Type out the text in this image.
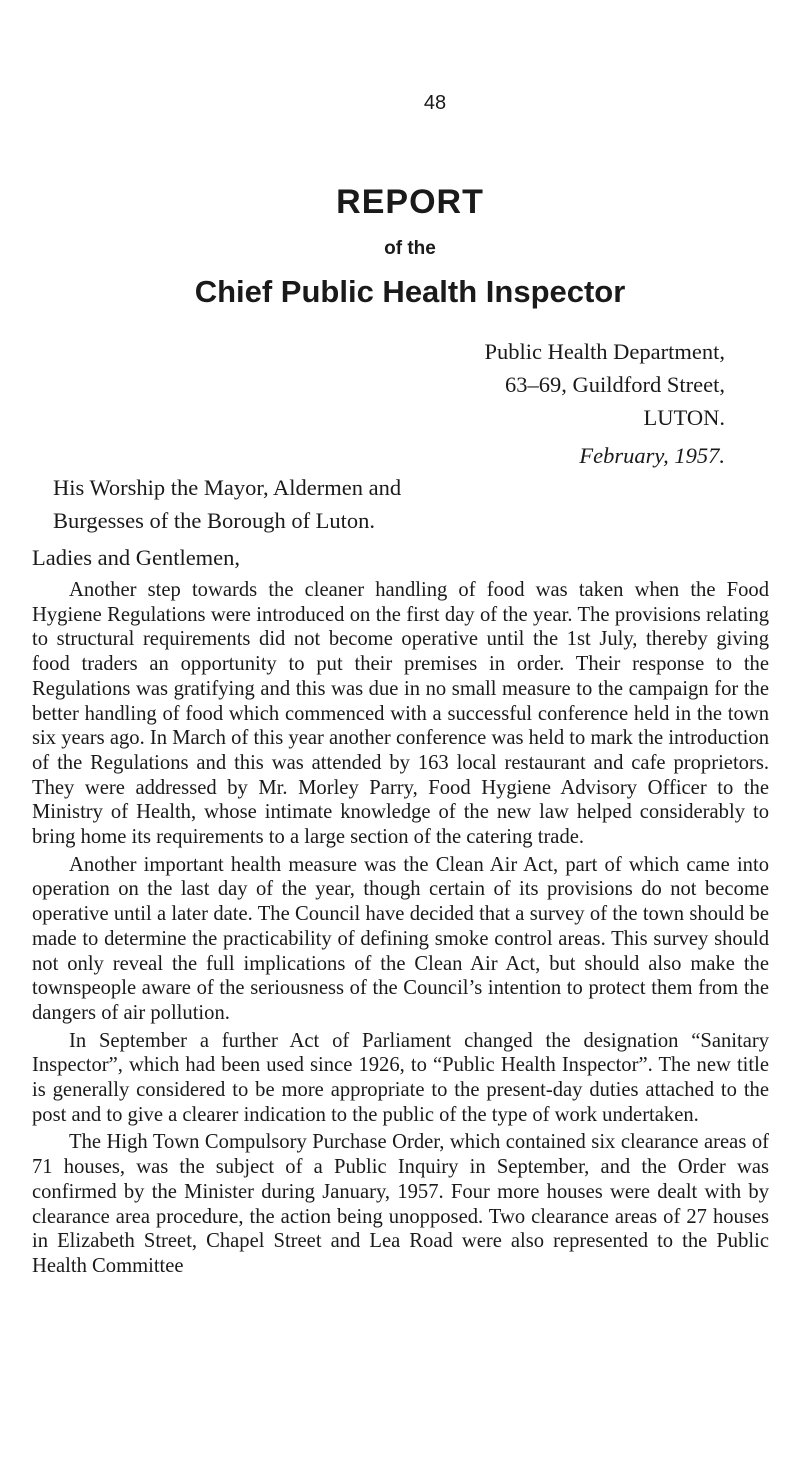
48
REPORT
of the
Chief Public Health Inspector
Public Health Department,
63–69, Guildford Street,
LUTON.
February, 1957.
His Worship the Mayor, Aldermen and
Burgesses of the Borough of Luton.
Ladies and Gentlemen,

Another step towards the cleaner handling of food was taken when the Food Hygiene Regulations were introduced on the first day of the year. The provisions relating to structural requirements did not become operative until the 1st July, thereby giving food traders an opportunity to put their premises in order. Their response to the Regulations was gratifying and this was due in no small measure to the campaign for the better handling of food which commenced with a successful conference held in the town six years ago. In March of this year another conference was held to mark the introduction of the Regulations and this was attended by 163 local restaurant and cafe proprietors. They were addressed by Mr. Morley Parry, Food Hygiene Advisory Officer to the Ministry of Health, whose intimate knowledge of the new law helped considerably to bring home its requirements to a large section of the catering trade.

Another important health measure was the Clean Air Act, part of which came into operation on the last day of the year, though certain of its provisions do not become operative until a later date. The Council have decided that a survey of the town should be made to determine the practicability of defining smoke control areas. This survey should not only reveal the full implications of the Clean Air Act, but should also make the townspeople aware of the seriousness of the Council’s intention to protect them from the dangers of air pollution.

In September a further Act of Parliament changed the designation “Sanitary Inspector”, which had been used since 1926, to “Public Health Inspector”. The new title is generally considered to be more appropriate to the present-day duties attached to the post and to give a clearer indication to the public of the type of work undertaken.

The High Town Compulsory Purchase Order, which contained six clearance areas of 71 houses, was the subject of a Public Inquiry in September, and the Order was confirmed by the Minister during January, 1957. Four more houses were dealt with by clearance area procedure, the action being unopposed. Two clearance areas of 27 houses in Elizabeth Street, Chapel Street and Lea Road were also represented to the Public Health Committee
